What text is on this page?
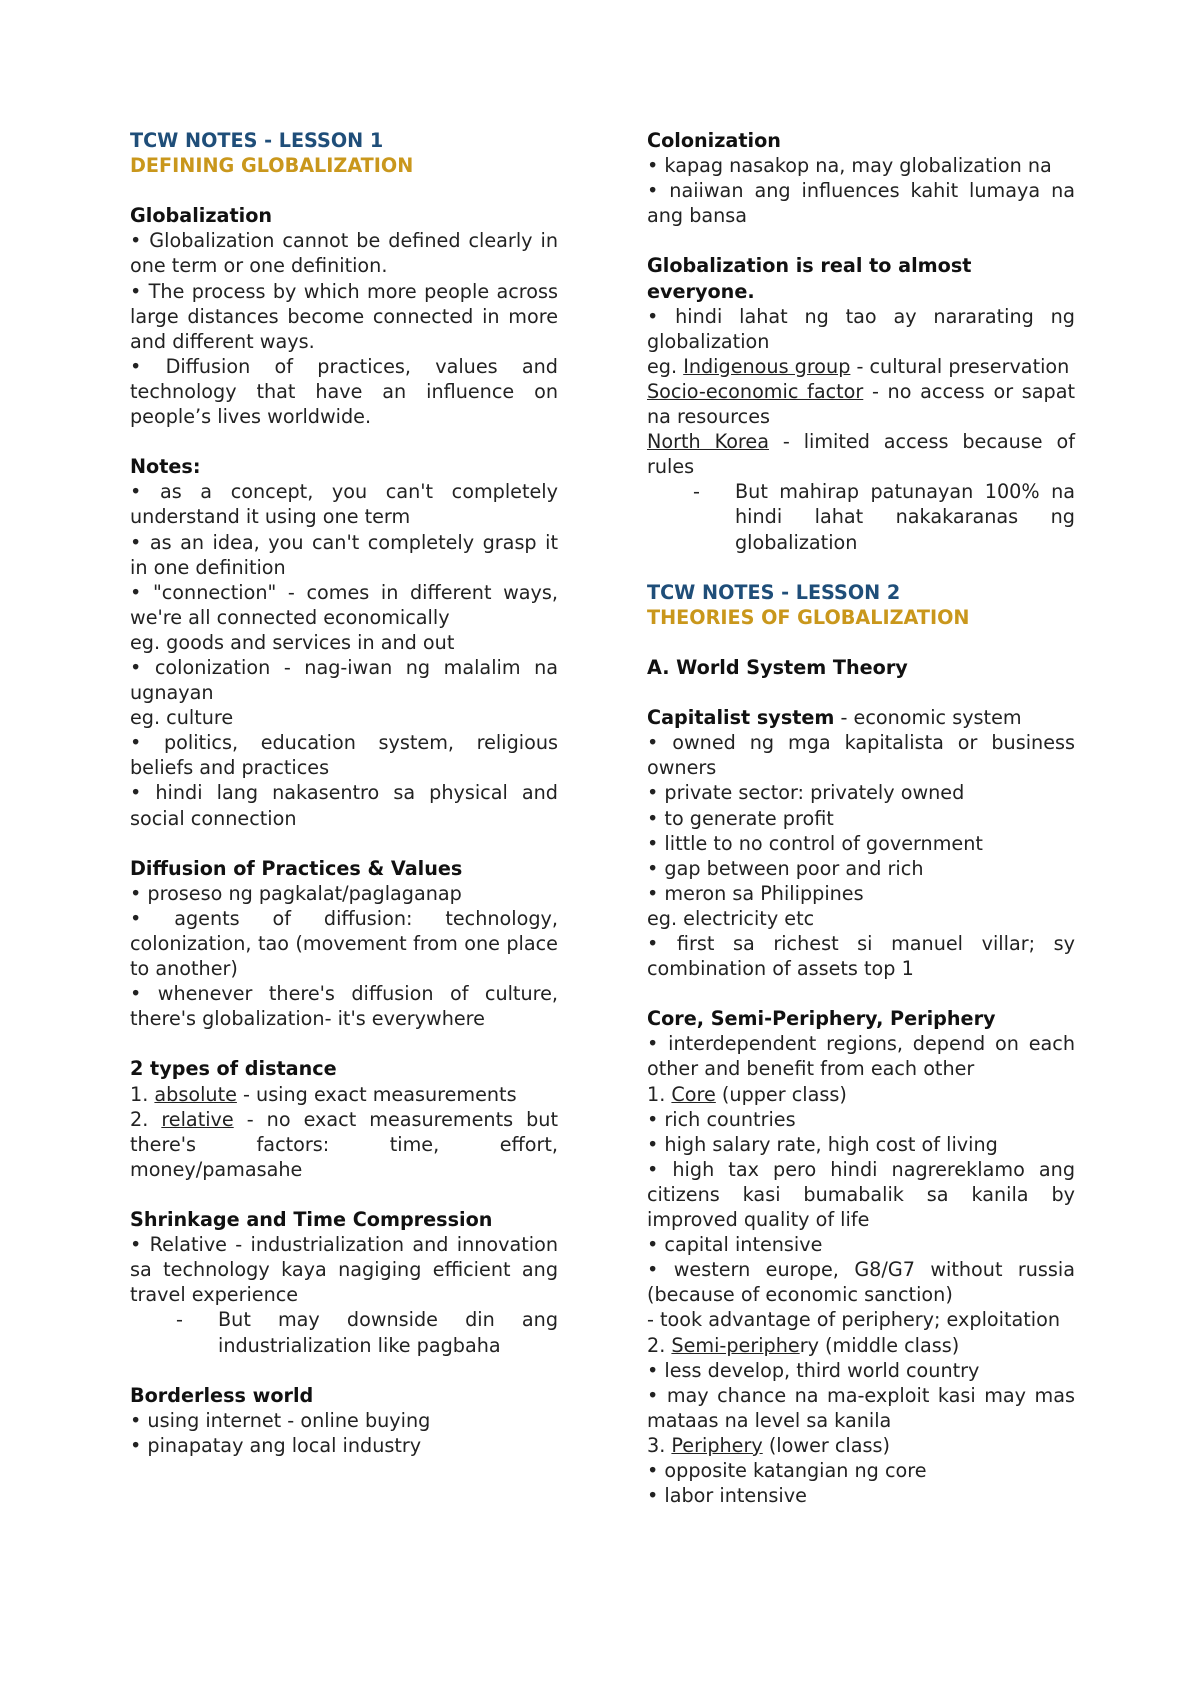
TCW NOTES - LESSON 1
DEFINING GLOBALIZATION
Globalization
• Globalization cannot be defined clearly in one term or one definition.
• The process by which more people across large distances become connected in more and different ways.
• Diffusion of practices, values and technology that have an influence on people’s lives worldwide.
Notes:
• as a concept, you can't completely understand it using one term
• as an idea, you can't completely grasp it in one definition
• "connection" - comes in different ways, we're all connected economically
eg. goods and services in and out
• colonization - nag-iwan ng malalim na ugnayan
eg. culture
• politics, education system, religious beliefs and practices
• hindi lang nakasentro sa physical and social connection
Diffusion of Practices & Values
• proseso ng pagkalat/paglaganap
• agents of diffusion: technology, colonization, tao (movement from one place to another)
• whenever there's diffusion of culture, there's globalization- it's everywhere
2 types of distance
1. absolute - using exact measurements
2. relative - no exact measurements but there's factors: time, effort, money/pamasahe
Shrinkage and Time Compression
• Relative - industrialization and innovation sa technology kaya nagiging efficient ang travel experience
-	But may downside din ang industrialization like pagbaha
Borderless world
• using internet - online buying
• pinapatay ang local industry
Colonization
• kapag nasakop na, may globalization na
• naiiwan ang influences kahit lumaya na ang bansa
Globalization is real to almost everyone.
• hindi lahat ng tao ay nararating ng globalization
eg. Indigenous group - cultural preservation
Socio-economic factor - no access or sapat na resources
North Korea - limited access because of rules
-	But mahirap patunayan 100% na hindi lahat nakakaranas ng globalization
TCW NOTES - LESSON 2
THEORIES OF GLOBALIZATION
A. World System Theory
Capitalist system - economic system
• owned ng mga kapitalista or business owners
• private sector: privately owned
• to generate profit
• little to no control of government
• gap between poor and rich
• meron sa Philippines
eg. electricity etc
• first sa richest si manuel villar; sy combination of assets top 1
Core, Semi-Periphery, Periphery
• interdependent regions, depend on each other and benefit from each other
1. Core (upper class)
• rich countries
• high salary rate, high cost of living
• high tax pero hindi nagrereklamo ang citizens kasi bumabalik sa kanila by improved quality of life
• capital intensive
• western europe, G8/G7 without russia (because of economic sanction)
- took advantage of periphery; exploitation
2. Semi-periphery (middle class)
• less develop, third world country
• may chance na ma-exploit kasi may mas mataas na level sa kanila
3. Periphery (lower class)
• opposite katangian ng core
• labor intensive
